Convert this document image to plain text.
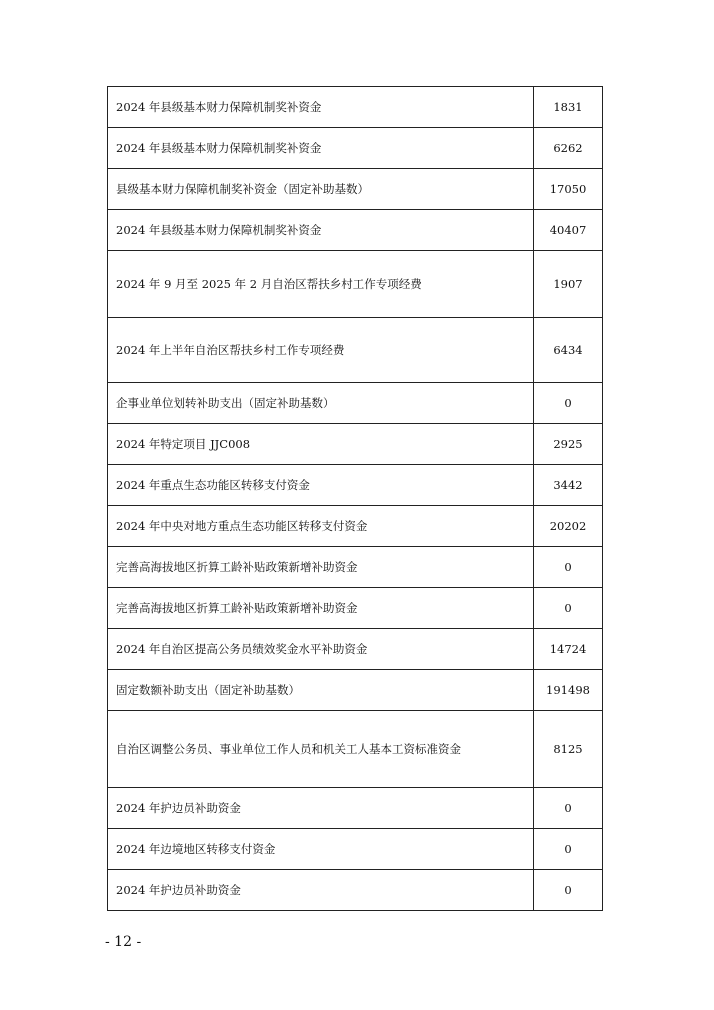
2024 年县级基本财力保障机制奖补资金	1831
2024 年县级基本财力保障机制奖补资金	6262
县级基本财力保障机制奖补资金（固定补助基数）	17050
2024 年县级基本财力保障机制奖补资金	40407
2024 年 9 月至 2025 年 2 月自治区帮扶乡村工作专项经费	1907
2024 年上半年自治区帮扶乡村工作专项经费	6434
企事业单位划转补助支出（固定补助基数）	0
2024 年特定项目 JJC008	2925
2024 年重点生态功能区转移支付资金	3442
2024 年中央对地方重点生态功能区转移支付资金	20202
完善高海拔地区折算工龄补贴政策新增补助资金	0
完善高海拔地区折算工龄补贴政策新增补助资金	0
2024 年自治区提高公务员绩效奖金水平补助资金	14724
固定数额补助支出（固定补助基数）	191498
自治区调整公务员、事业单位工作人员和机关工人基本工资标准资金	8125
2024 年护边员补助资金	0
2024 年边境地区转移支付资金	0
2024 年护边员补助资金	0
- 12 -
